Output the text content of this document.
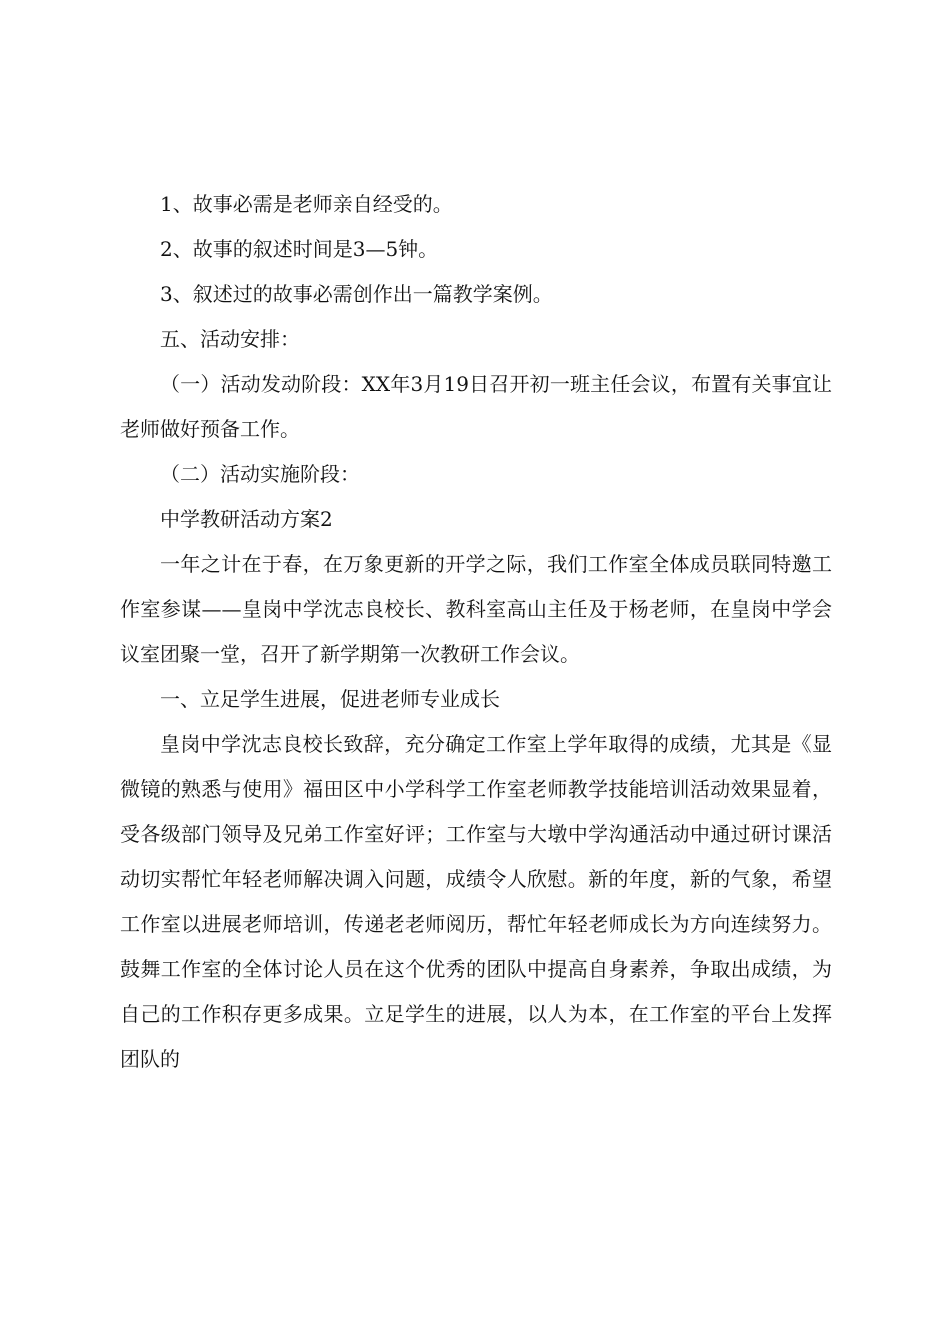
1、故事必需是老师亲自经受的。

2、故事的叙述时间是3—5钟。

3、叙述过的故事必需创作出一篇教学案例。

五、活动安排：

（一）活动发动阶段：XX年3月19日召开初一班主任会议，布置有关事宜让老师做好预备工作。

（二）活动实施阶段：

中学教研活动方案2

一年之计在于春，在万象更新的开学之际，我们工作室全体成员联同特邀工作室参谋——皇岗中学沈志良校长、教科室高山主任及于杨老师，在皇岗中学会议室团聚一堂，召开了新学期第一次教研工作会议。

一、立足学生进展，促进老师专业成长

皇岗中学沈志良校长致辞，充分确定工作室上学年取得的成绩，尤其是《显微镜的熟悉与使用》福田区中小学科学工作室老师教学技能培训活动效果显着，受各级部门领导及兄弟工作室好评；工作室与大墩中学沟通活动中通过研讨课活动切实帮忙年轻老师解决调入问题，成绩令人欣慰。新的年度，新的气象，希望工作室以进展老师培训，传递老老师阅历，帮忙年轻老师成长为方向连续努力。鼓舞工作室的全体讨论人员在这个优秀的团队中提高自身素养，争取出成绩，为自己的工作积存更多成果。立足学生的进展，以人为本，在工作室的平台上发挥团队的
